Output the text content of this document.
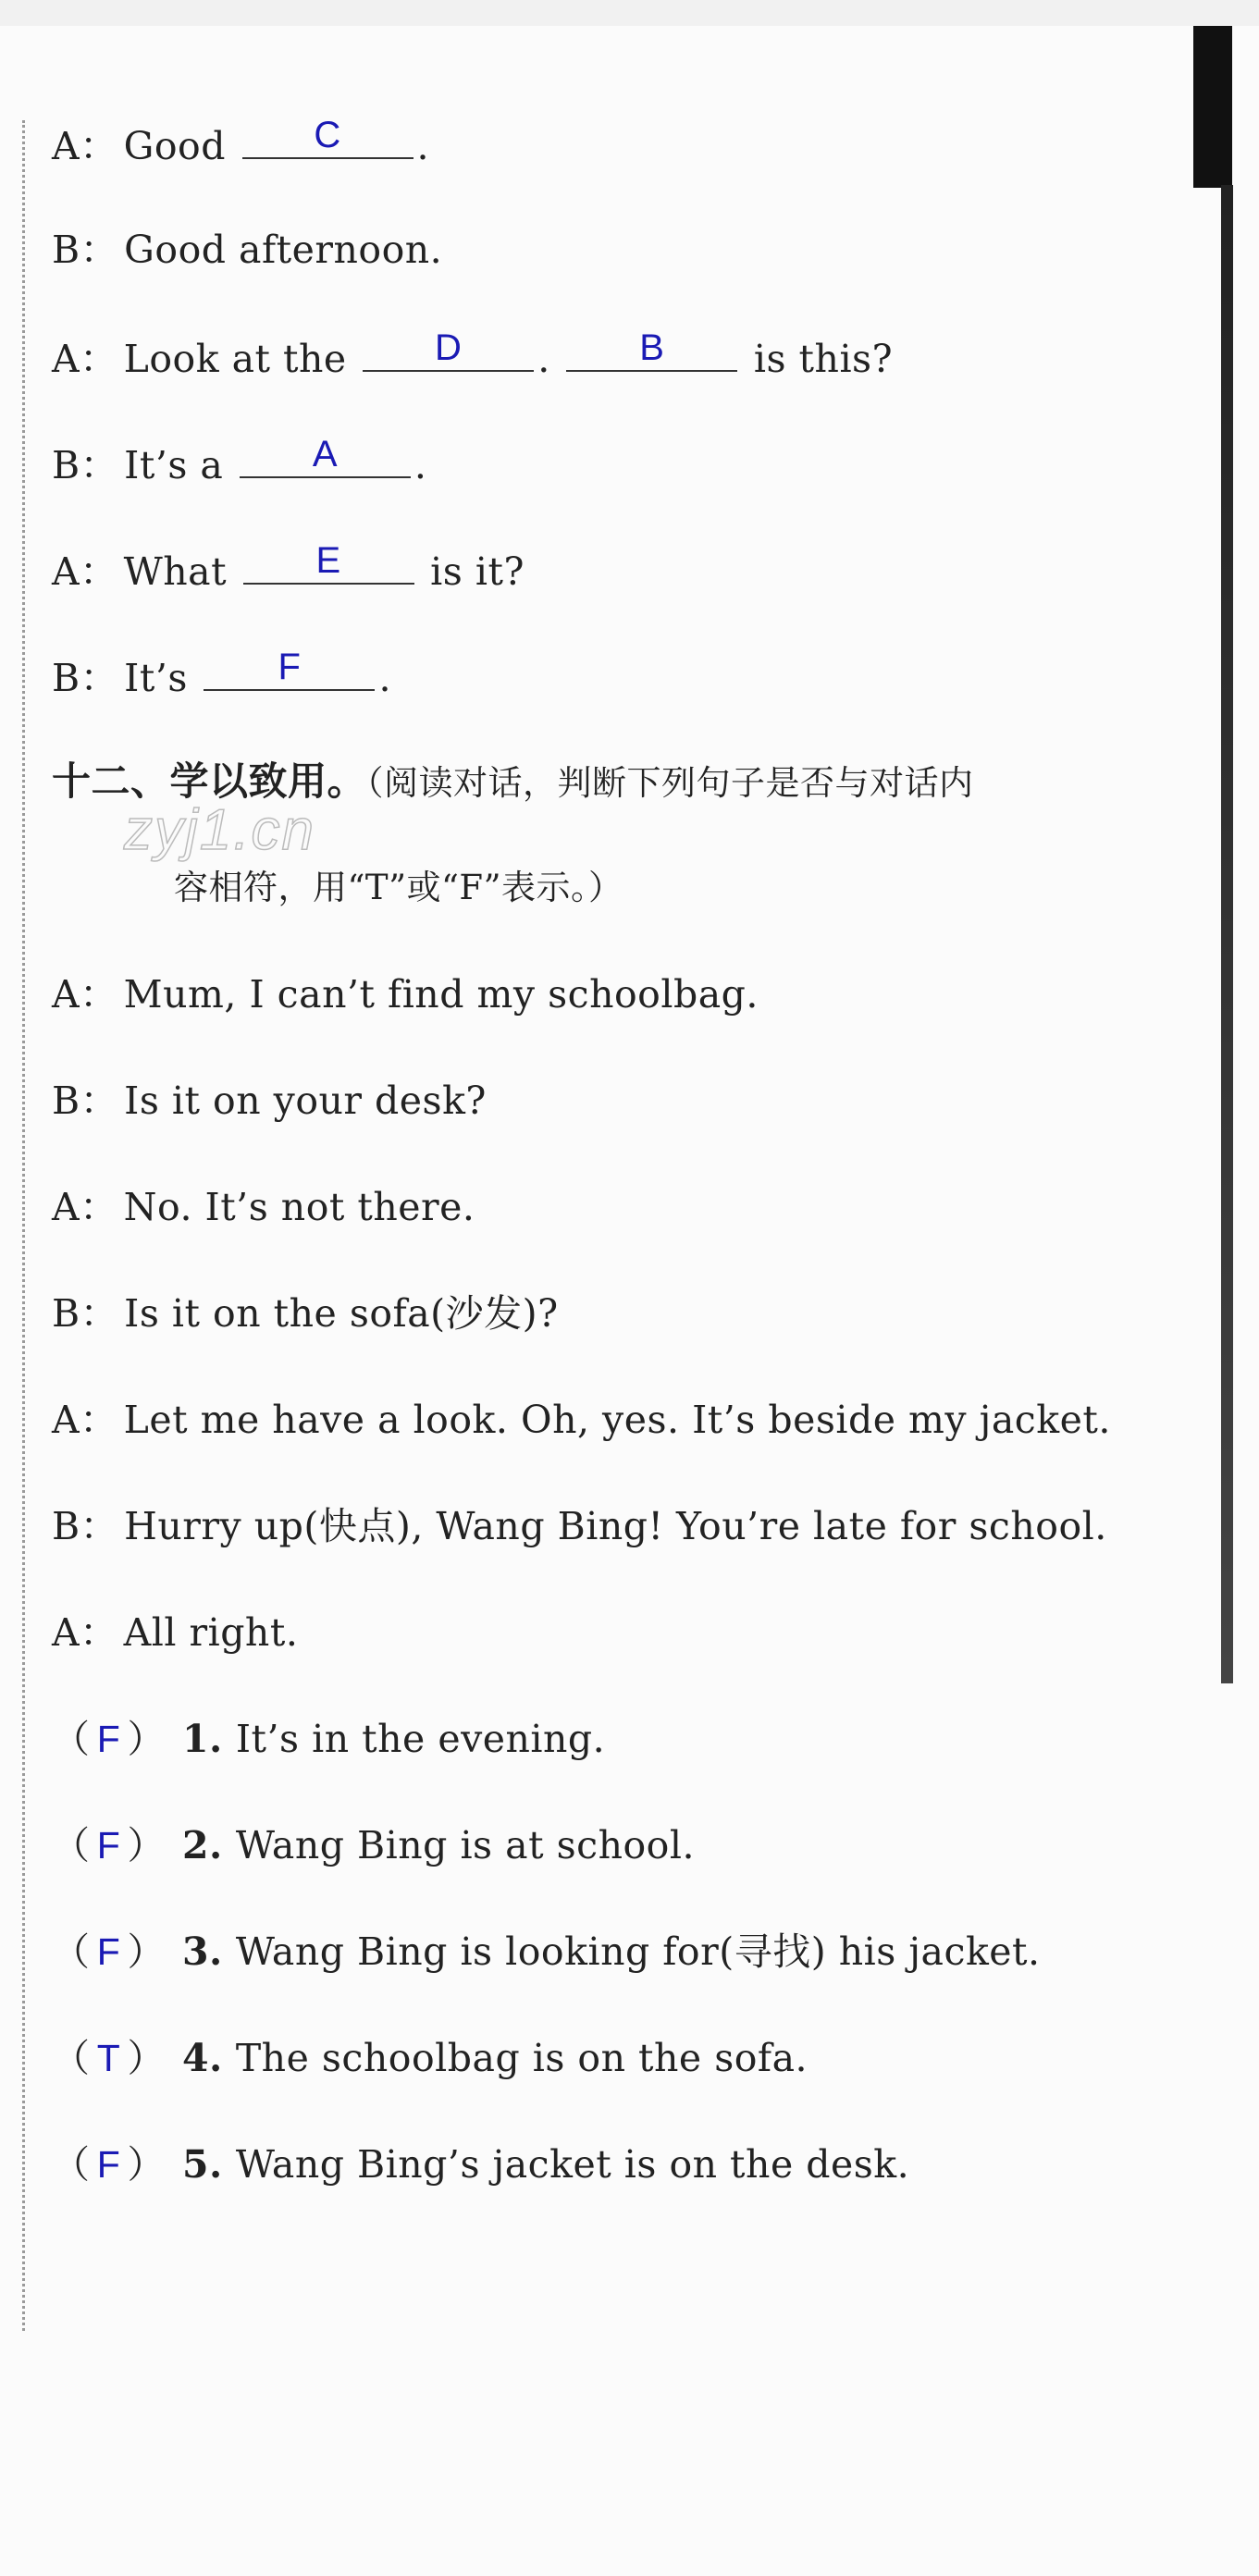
A： Good	C	.
B： Good afternoon.
A： Look at the	D	.	B	is this?
B： It’s a	A	.
A： What	E	is it?
B： It’s	F	.
十二、学以致用。（阅读对话，判断下列句子是否与对话内
zyj1.cn
容相符，用“T”或“F”表示。）
A： Mum, I can’t find my schoolbag.
B： Is it on your desk?
A： No. It’s not there.
B： Is it on the sofa(沙发)?
A： Let me have a look. Oh, yes. It’s beside my jacket.
B： Hurry up(快点), Wang Bing! You’re late for school.
A： All right.
（ F ） 1. It’s in the evening.
（ F ） 2. Wang Bing is at school.
（ F ） 3. Wang Bing is looking for(寻找) his jacket.
（ T ） 4. The schoolbag is on the sofa.
（ F ） 5. Wang Bing’s jacket is on the desk.
